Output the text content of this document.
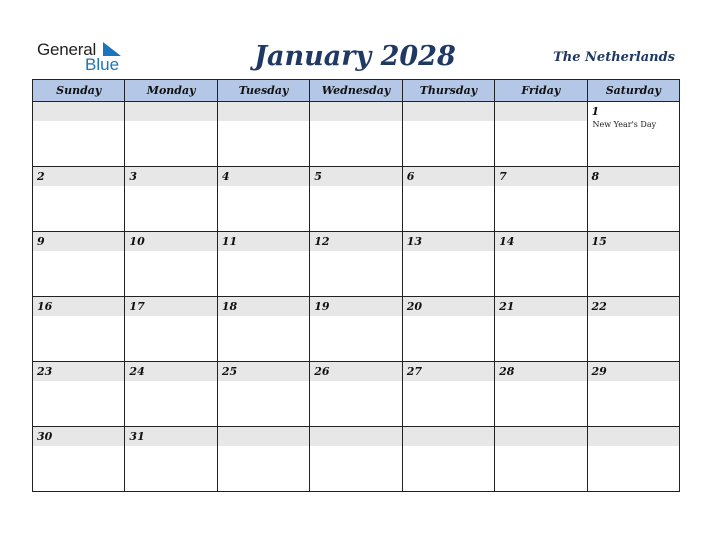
General
Blue	January 2028	The Netherlands
Sunday	Monday	Tuesday	Wednesday	Thursday	Friday	Saturday

						1
New Year's Day

2	3	4	5	6	7	8

9	10	11	12	13	14	15

16	17	18	19	20	21	22

23	24	25	26	27	28	29

30	31					
